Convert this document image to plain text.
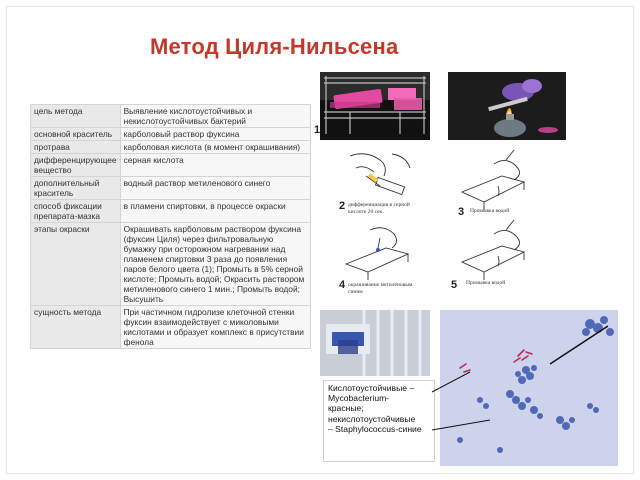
Метод Циля-Нильсена
цель метода	Выявление кислотоустойчивых и некислотоустойчивых бактерий
основной краситель	карболовый раствор фуксина
протрава	карболовая кислота (в момент окрашивания)
дифференцирующее вещество	серная кислота
дополнительный краситель	водный раствор метиленового синего
способ фиксации препарата-мазка	в пламени спиртовки, в процессе окраски
этапы окраски	Окрашивать карболовым раствором фуксина (фуксин Циля) через фильтровальную бумажку при осторожном нагревании над пламенем спиртовки 3 раза до появления паров белого цвета (1); Промыть в 5% серной кислоте; Промыть водой; Окрасить раствором метиленового синего 1 мин.; Промыть водой; Высушить
сущность метода	При частичном гидролизе клеточной стенки фуксин взаимодействует с миколовыми кислотами и образует комплекс в присутствии фенола
1
2 дифференциация в серной кислоте 20 сек.	3 Промывка водой
4 окрашивание метиленовым синим
5 Промывка водой
Кислотоустойчивые –
Mycobacterium-
красные;
некислотоустойчивые
– Staphylococcus-синие
